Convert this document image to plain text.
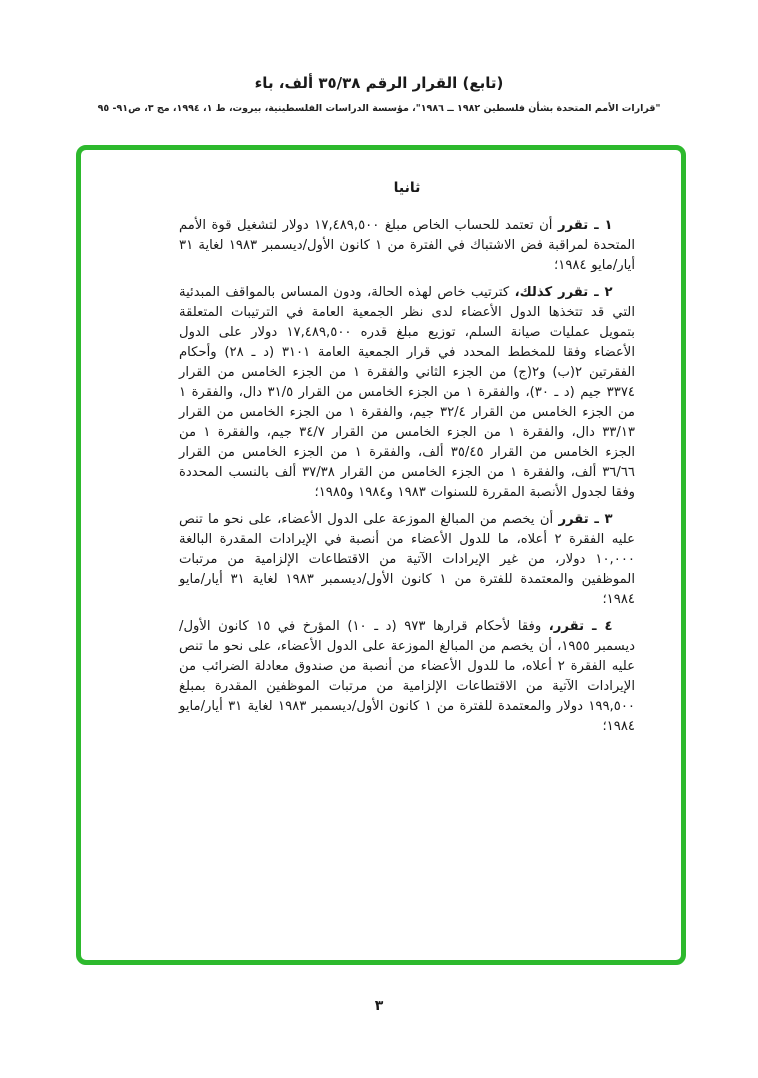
(تابع) القرار الرقم ٣٥/٣٨ ألف، باء
"قرارات الأمم المتحدة بشأن فلسطين ١٩٨٢ ــ ١٩٨٦"، مؤسسة الدراسات الفلسطينية، بيروت، ط ١، ١٩٩٤، مج ٣، ص٩١- ٩٥
ثانيا

١ ـ تقرر أن تعتمد للحساب الخاص مبلغ ١٧,٤٨٩,٥٠٠ دولار لتشغيل قوة الأمم المتحدة لمراقبة فض الاشتباك في الفترة من ١ كانون الأول/ديسمبر ١٩٨٣ لغاية ٣١ أيار/مايو ١٩٨٤؛

٢ ـ تقرر كذلك، كترتيب خاص لهذه الحالة، ودون المساس بالمواقف المبدئية التي قد تتخذها الدول الأعضاء لدى نظر الجمعية العامة في الترتيبات المتعلقة بتمويل عمليات صيانة السلم، توزيع مبلغ قدره ١٧,٤٨٩,٥٠٠ دولار على الدول الأعضاء وفقا للمخطط المحدد في قرار الجمعية العامة ٣١٠١ (د ـ ٢٨) وأحكام الفقرتين ٢(ب) و٢(ج) من الجزء الثاني والفقرة ١ من الجزء الخامس من القرار ٣٣٧٤ جيم (د ـ ٣٠)، والفقرة ١ من الجزء الخامس من القرار ٣١/٥ دال، والفقرة ١ من الجزء الخامس من القرار ٣٢/٤ جيم، والفقرة ١ من الجزء الخامس من القرار ٣٣/١٣ دال، والفقرة ١ من الجزء الخامس من القرار ٣٤/٧ جيم، والفقرة ١ من الجزء الخامس من القرار ٣٥/٤٥ ألف، والفقرة ١ من الجزء الخامس من القرار ٣٦/٦٦ ألف، والفقرة ١ من الجزء الخامس من القرار ٣٧/٣٨ ألف بالنسب المحددة وفقا لجدول الأنصبة المقررة للسنوات ١٩٨٣ و١٩٨٤ و١٩٨٥؛

٣ ـ تقرر أن يخصم من المبالغ الموزعة على الدول الأعضاء، على نحو ما تنص عليه الفقرة ٢ أعلاه، ما للدول الأعضاء من أنصبة في الإيرادات المقدرة البالغة ١٠,٠٠٠ دولار، من غير الإيرادات الآتية من الاقتطاعات الإلزامية من مرتبات الموظفين والمعتمدة للفترة من ١ كانون الأول/ديسمبر ١٩٨٣ لغاية ٣١ أيار/مايو ١٩٨٤؛

٤ ـ تقرر، وفقا لأحكام قرارها ٩٧٣ (د ـ ١٠) المؤرخ في ١٥ كانون الأول/ديسمبر ١٩٥٥، أن يخصم من المبالغ الموزعة على الدول الأعضاء، على نحو ما تنص عليه الفقرة ٢ أعلاه، ما للدول الأعضاء من أنصبة من صندوق معادلة الضرائب من الإيرادات الآتية من الاقتطاعات الإلزامية من مرتبات الموظفين المقدرة بمبلغ ١٩٩,٥٠٠ دولار والمعتمدة للفترة من ١ كانون الأول/ديسمبر ١٩٨٣ لغاية ٣١ أيار/مايو ١٩٨٤؛

٣
